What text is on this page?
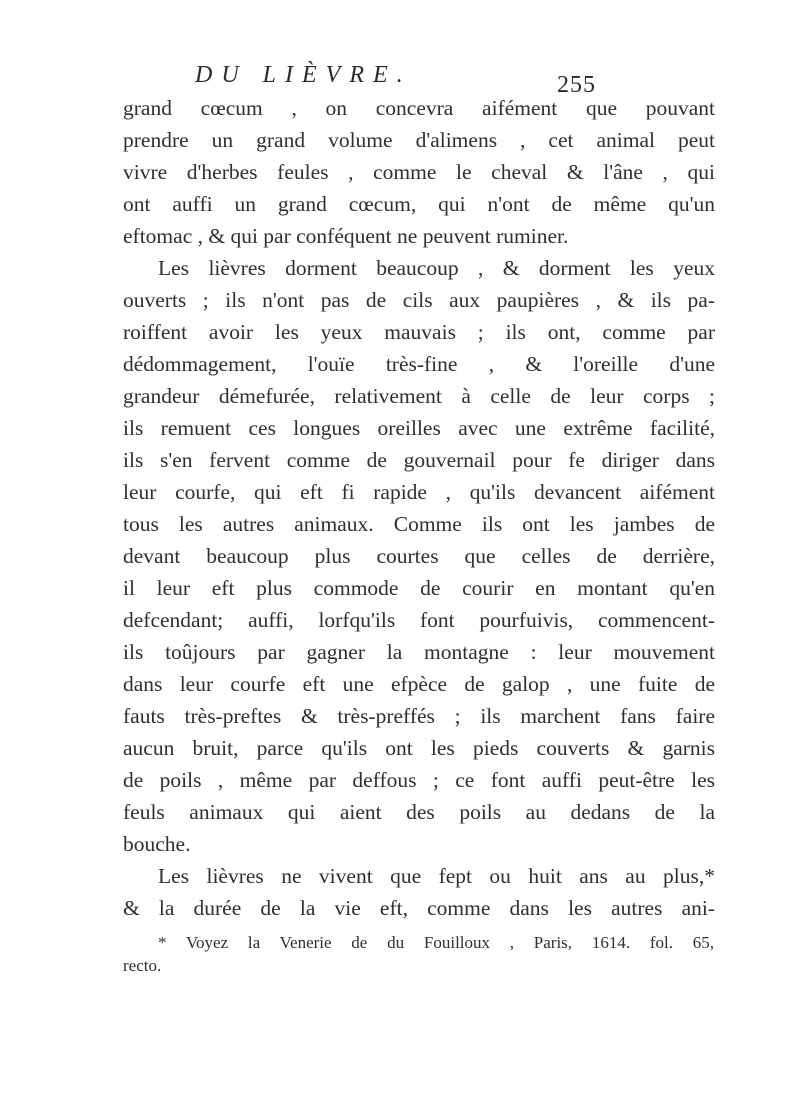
DU LIÈVRE.	255
grand cœcum , on concevra aifément que pouvant
prendre un grand volume d'alimens , cet animal peut
vivre d'herbes feules , comme le cheval & l'âne , qui
ont auffi un grand cœcum, qui n'ont de même qu'un
eftomac , & qui par conféquent ne peuvent ruminer.
Les lièvres dorment beaucoup , & dorment les yeux
ouverts ; ils n'ont pas de cils aux paupières , & ils pa-
roiffent avoir les yeux mauvais ; ils ont, comme par
dédommagement, l'ouïe très-fine , & l'oreille d'une
grandeur démefurée, relativement à celle de leur corps ;
ils remuent ces longues oreilles avec une extrême facilité,
ils s'en fervent comme de gouvernail pour fe diriger dans
leur courfe, qui eft fi rapide , qu'ils devancent aifément
tous les autres animaux. Comme ils ont les jambes de
devant beaucoup plus courtes que celles de derrière,
il leur eft plus commode de courir en montant qu'en
defcendant; auffi, lorfqu'ils font pourfuivis, commencent-
ils toûjours par gagner la montagne : leur mouvement
dans leur courfe eft une efpèce de galop , une fuite de
fauts très-preftes & très-preffés ; ils marchent fans faire
aucun bruit, parce qu'ils ont les pieds couverts & garnis
de poils , même par deffous ; ce font auffi peut-être les
feuls animaux qui aient des poils au dedans de la
bouche.
Les lièvres ne vivent que fept ou huit ans au plus,*
& la durée de la vie eft, comme dans les autres ani-
* Voyez la Venerie de du Fouilloux , Paris, 1614. fol. 65,
recto.
